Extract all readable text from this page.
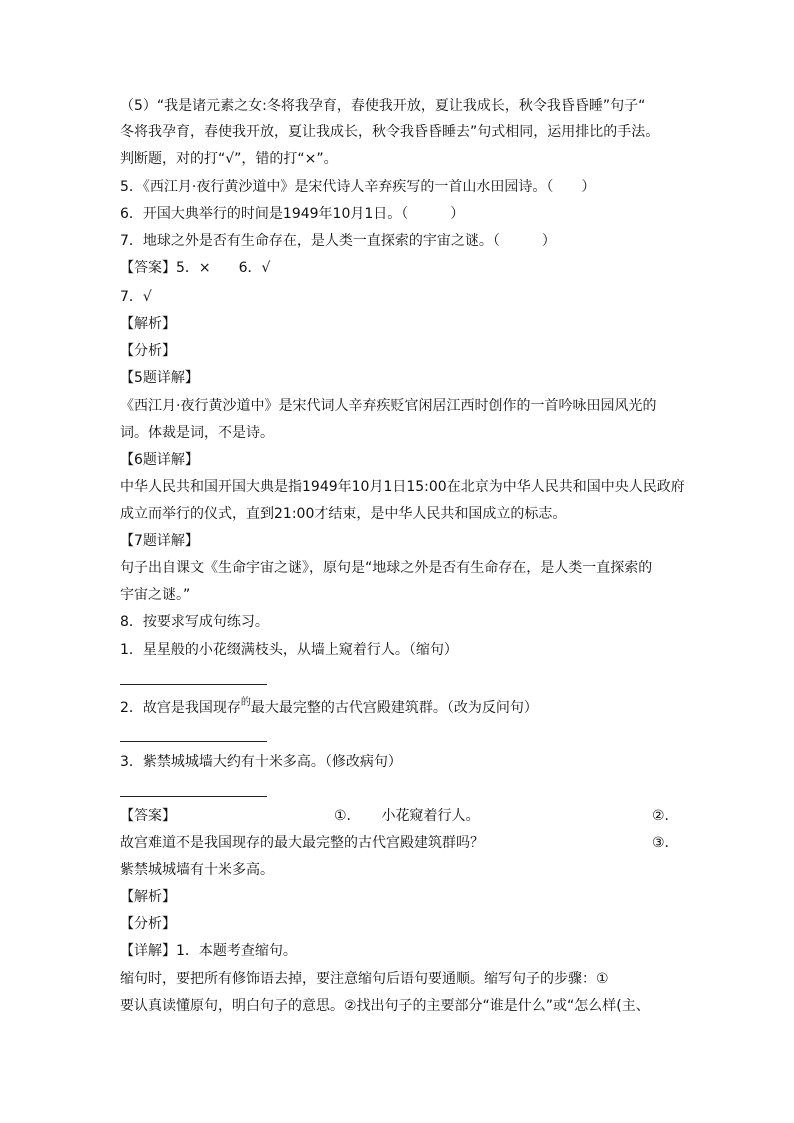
（5）“我是诸元素之女:冬将我孕育，春使我开放，夏让我成长，秋令我昏昏睡”句子“
冬将我孕育，春使我开放，夏让我成长，秋令我昏昏睡去”句式相同，运用排比的手法。
判断题，对的打“√”，错的打“×”。
5．《西江月·夜行黄沙道中》是宋代诗人辛弃疾写的一首山水田园诗。（　　）
6．开国大典举行的时间是1949年10月1日。（　　　）
7．地球之外是否有生命存在，是人类一直探索的宇宙之谜。（　　　）
【答案】5．×　　6．√
7．√
【解析】
【分析】
【5题详解】
《西江月·夜行黄沙道中》是宋代词人辛弃疾贬官闲居江西时创作的一首吟咏田园风光的
词。体裁是词，不是诗。
【6题详解】
中华人民共和国开国大典是指1949年10月1日15:00在北京为中华人民共和国中央人民政府
成立而举行的仪式，直到21:00才结束，是中华人民共和国成立的标志。
【7题详解】
句子出自课文《生命宇宙之谜》，原句是“地球之外是否有生命存在，是人类一直探索的
宇宙之谜。”
8．按要求写成句练习。
1．星星般的小花缀满枝头，从墙上窥着行人。（缩句）
2．故宫是我国现存$^的$最大最完整的古代宫殿建筑群。（改为反问句）
3．紫禁城城墙大约有十米多高。（修改病句）
【答案】	①．　　小花窥着行人。	②．
故宫难道不是我国现存的最大最完整的古代宫殿建筑群吗？	③．
紫禁城城墙有十米多高。
【解析】
【分析】
【详解】1．本题考查缩句。
缩句时，要把所有修饰语去掉，要注意缩句后语句要通顺。缩写句子的步骤：①
要认真读懂原句，明白句子的意思。②找出句子的主要部分“谁是什么”或“怎么样(主、
